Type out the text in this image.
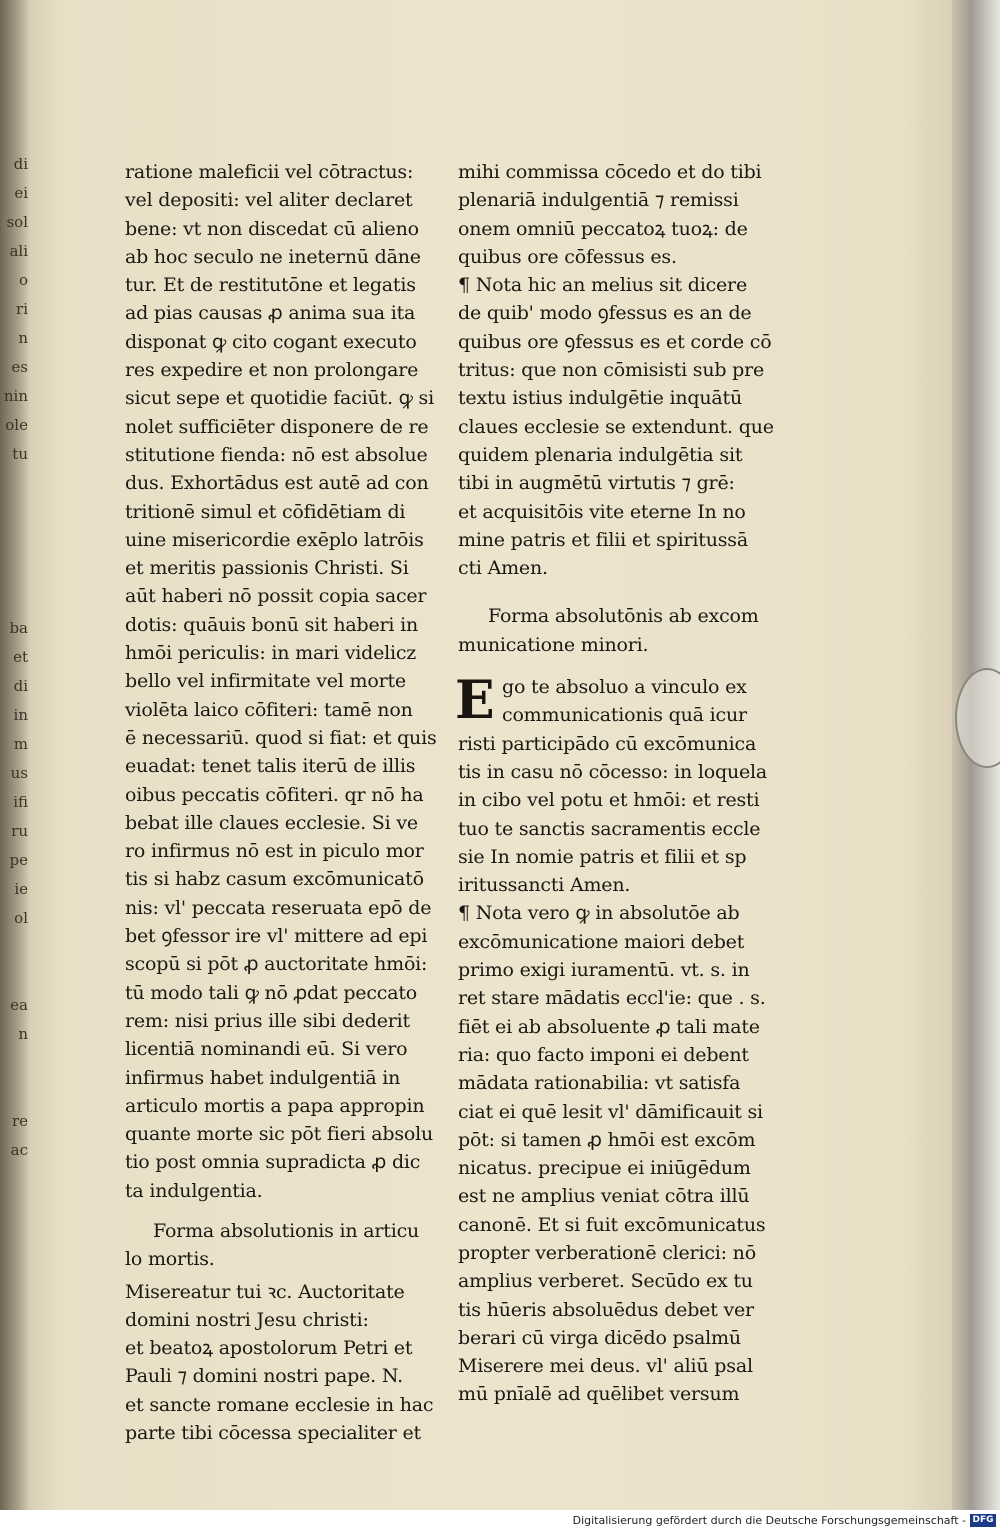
di
ei
sol
ali
o
ri
n
es
nin
ole
tu

ba
et
di
in
m
us
ifi
ru
pe
ie
ol

ea
n

re
ac

ratione maleficii vel cōtractus:
vel depositi: vel aliter declaret
bene: vt non discedat cū alieno
ab hoc seculo ne ineternū dāne
tur. Et de restitutōne et legatis
ad pias causas ꝓ anima sua ita
disponat ꝙ cito cogant executo
res expedire et non prolongare
sicut sepe et quotidie faciūt. ꝙ si
nolet sufficiēter disponere de re
stitutione fienda: nō est absolue
dus. Exhortādus est autē ad con
tritionē simul et cōfidētiam di
uine misericordie exēplo latrōis
et meritis passionis Christi. Si
aūt haberi nō possit copia sacer
dotis: quāuis bonū sit haberi in
hmōi periculis: in mari videlicz
bello vel infirmitate vel morte
violēta laico cōfiteri: tamē non
ē necessariū. quod si fiat: et quis
euadat: tenet talis iterū de illis
oibus peccatis cōfiteri. qr nō ha
bebat ille claues ecclesie. Si ve
ro infirmus nō est in piculo mor
tis si habz casum excōmunicatō
nis: vl' peccata reseruata epō de
bet ꝯfessor ire vl' mittere ad epi
scopū si pōt ꝓ auctoritate hmōi:
tū modo tali ꝙ nō ꝓdat peccato
rem: nisi prius ille sibi dederit
licentiā nominandi eū. Si vero
infirmus habet indulgentiā in
articulo mortis a papa appropin
quante morte sic pōt fieri absolu
tio post omnia supradicta ꝓ dic
ta indulgentia.
Forma absolutionis in articu
lo mortis.
Misereatur tui ꝛc. Auctoritate
domini nostri Jesu christi:
et beatoꝝ apostolorum Petri et
Pauli ⁊ domini nostri pape. N.
et sancte romane ecclesie in hac
parte tibi cōcessa specialiter et
mihi commissa cōcedo et do tibi
plenariā indulgentiā ⁊ remissi
onem omniū peccatoꝝ tuoꝝ: de
quibus ore cōfessus es.
¶ Nota hic an melius sit dicere
de quib' modo ꝯfessus es an de
quibus ore ꝯfessus es et corde cō
tritus: que non cōmisisti sub pre
textu istius indulgētie inquātū
claues ecclesie se extendunt. que
quidem plenaria indulgētia sit
tibi in augmētū virtutis ⁊ grē:
et acquisitōis vite eterne In no
mine patris et filii et spiritussā
cti Amen.
Forma absolutōnis ab excom
municatione minori.
go te absoluo a vinculo ex
communicationis quā icur
risti participādo cū excōmunica
tis in casu nō cōcesso: in loquela
in cibo vel potu et hmōi: et resti
tuo te sanctis sacramentis eccle
sie In nomie patris et filii et sp
iritussancti Amen.
E
¶ Nota vero ꝙ in absolutōe ab
excōmunicatione maiori debet
primo exigi iuramentū. vt. s. in
ret stare mādatis eccl'ie: que . s.
fiēt ei ab absoluente ꝓ tali mate
ria: quo facto imponi ei debent
mādata rationabilia: vt satisfa
ciat ei quē lesit vl' dāmificauit si
pōt: si tamen ꝓ hmōi est excōm
nicatus. precipue ei iniūgēdum
est ne amplius veniat cōtra illū
canonē. Et si fuit excōmunicatus
propter verberationē clerici: nō
amplius verberet. Secūdo ex tu
tis hūeris absoluēdus debet ver
berari cū virga dicēdo psalmū
Miserere mei deus. vl' aliū psal
mū pnīalē ad quēlibet versum
Digitalisierung gefördert durch die Deutsche Forschungsgemeinschaft - DFG
